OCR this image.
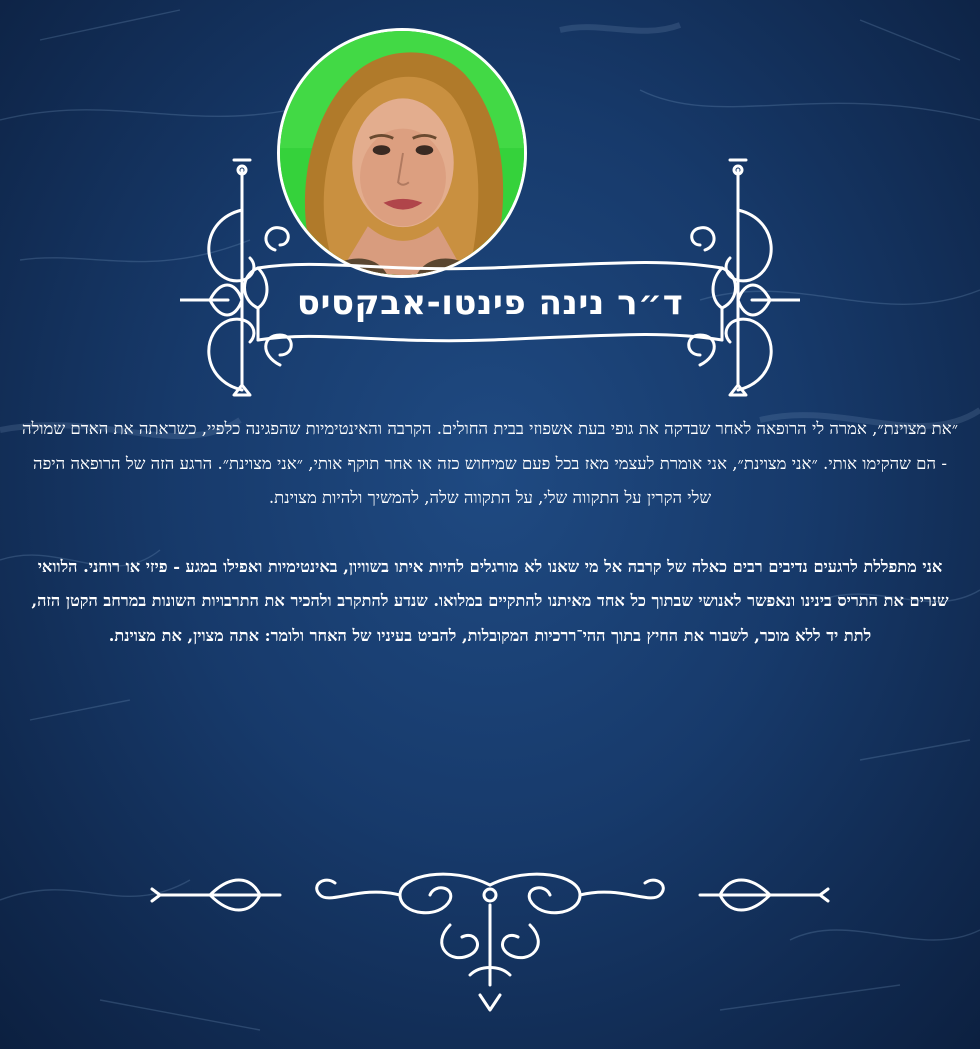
ד״ר נינה פינטו-אבקסיס

״את מצוינת״, אמרה לי הרופאה לאחר שבדקה את גופי בעת אשפוזי בבית החולים. הקרבה והאינטימיות שהפגינה כלפיי, כשראתה את האדם שמולה - הם שהקימו אותי. ״אני מצוינת״, אני אומרת לעצמי מאז בכל פעם שמיחוש כזה או אחר תוקף אותי, ״אני מצוינת״. הרגע הזה של הרופאה היפה שלי הקרין על התקווה שלי, על התקווה שלה, להמשיך ולהיות מצוינת.

אני מתפללת לרגעים נדיבים רבים כאלה של קרבה אל מי שאנו לא מורגלים להיות איתו בשוויון, באינטימיות ואפילו במגע - פיזי או רוחני. הלוואי שנרים את התריס בינינו ונאפשר לאנושי שבתוך כל אחד מאיתנו להתקיים במלואו. שנדע להתקרב ולהכיר את התרבויות השונות במרחב הקטן הזה, לתת יד ללא מוכר, לשבור את החיץ בתוך ההי־ררכיות המקובלות, להביט בעיניו של האחר ולומר: אתה מצוין, את מצוינת.
